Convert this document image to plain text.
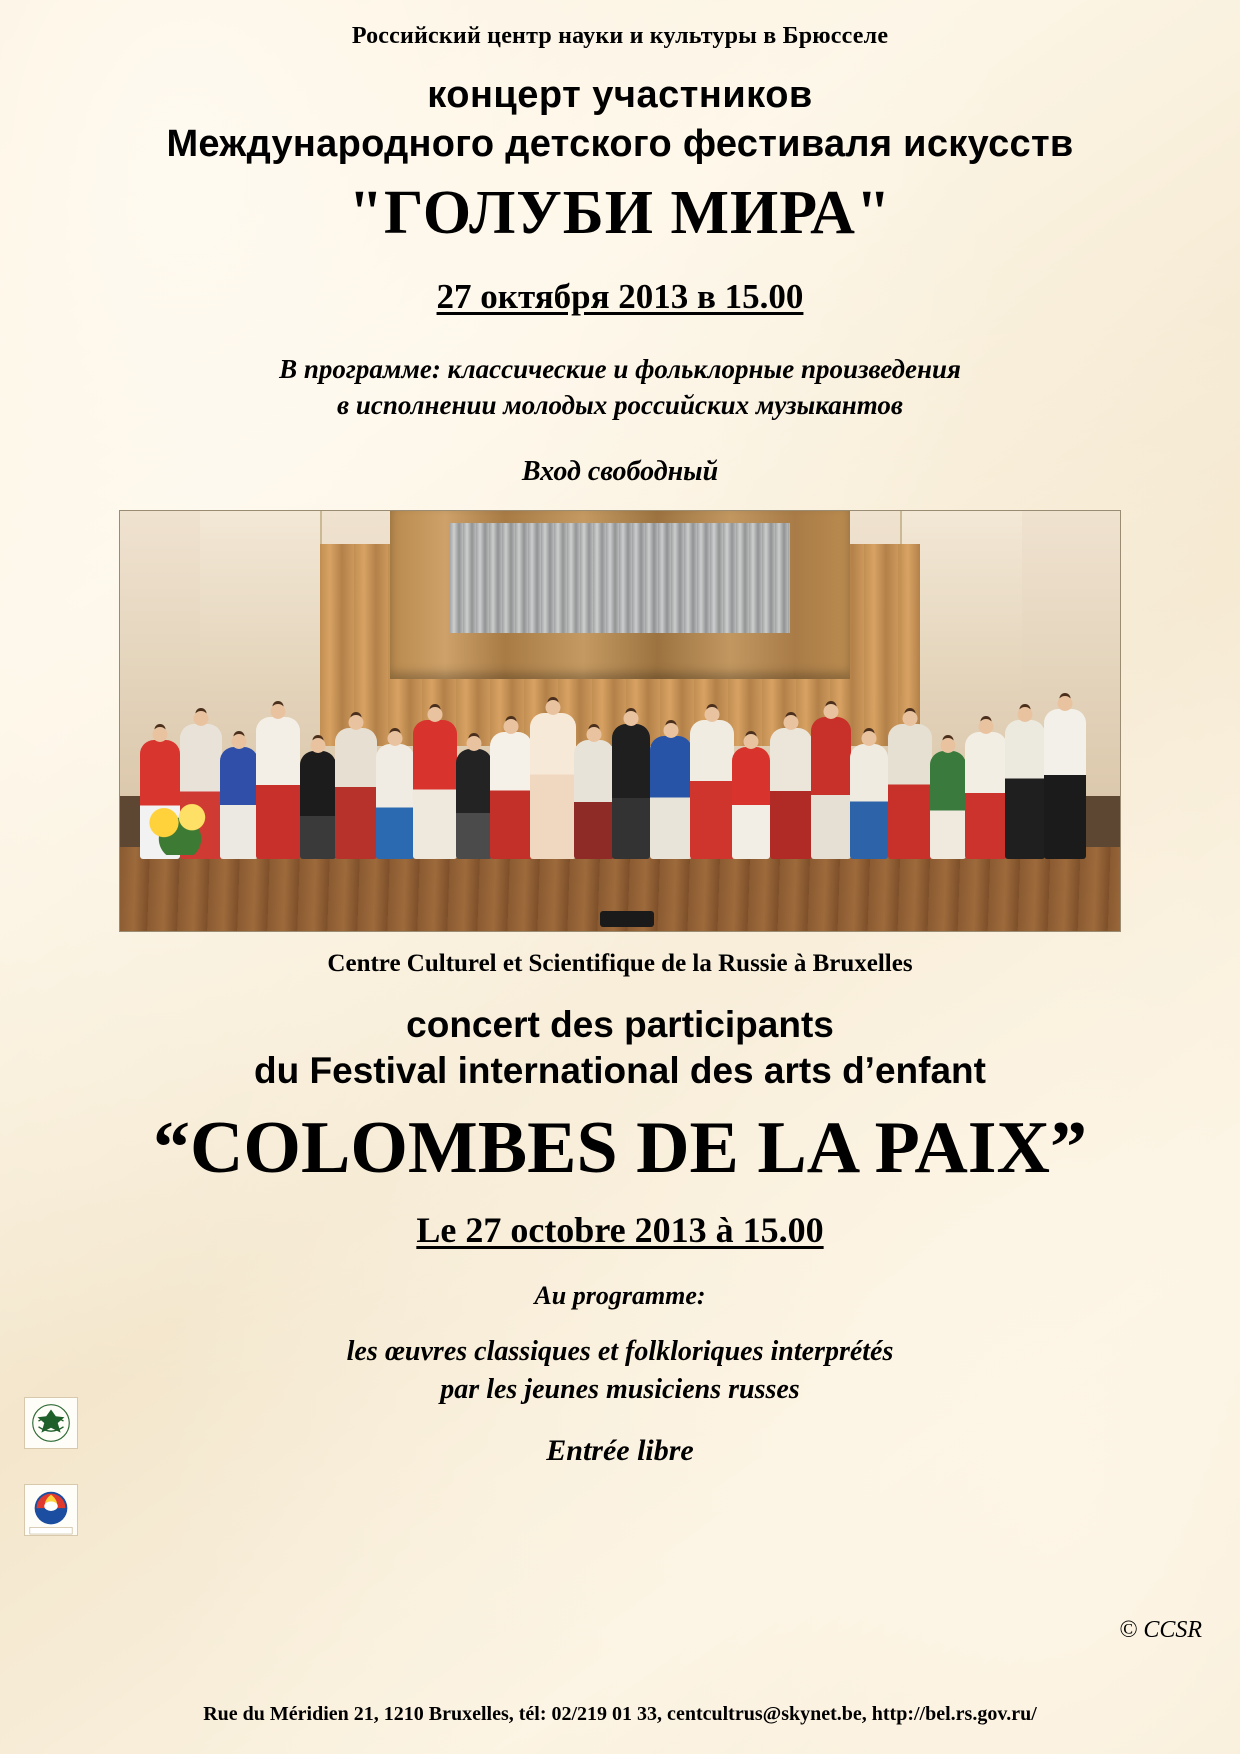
Российский центр науки и культуры в Брюсселе
концерт участников
Международного детского фестиваля искусств
"ГОЛУБИ МИРА"
27 октября 2013 в 15.00
В программе: классические и фольклорные произведения
в исполнении молодых российских музыкантов
Вход свободный
Centre Culturel et Scientifique de la Russie à Bruxelles
concert des participants
du Festival international des arts d’enfant
“COLOMBES DE LA PAIX”
Le 27 octobre 2013 à 15.00
Au programme:
les œuvres classiques et folkloriques interprétés
par les jeunes musiciens russes
Entrée libre
© CCSR
Rue du Méridien 21, 1210 Bruxelles, tél: 02/219 01 33, centcultrus@skynet.be, http://bel.rs.gov.ru/
